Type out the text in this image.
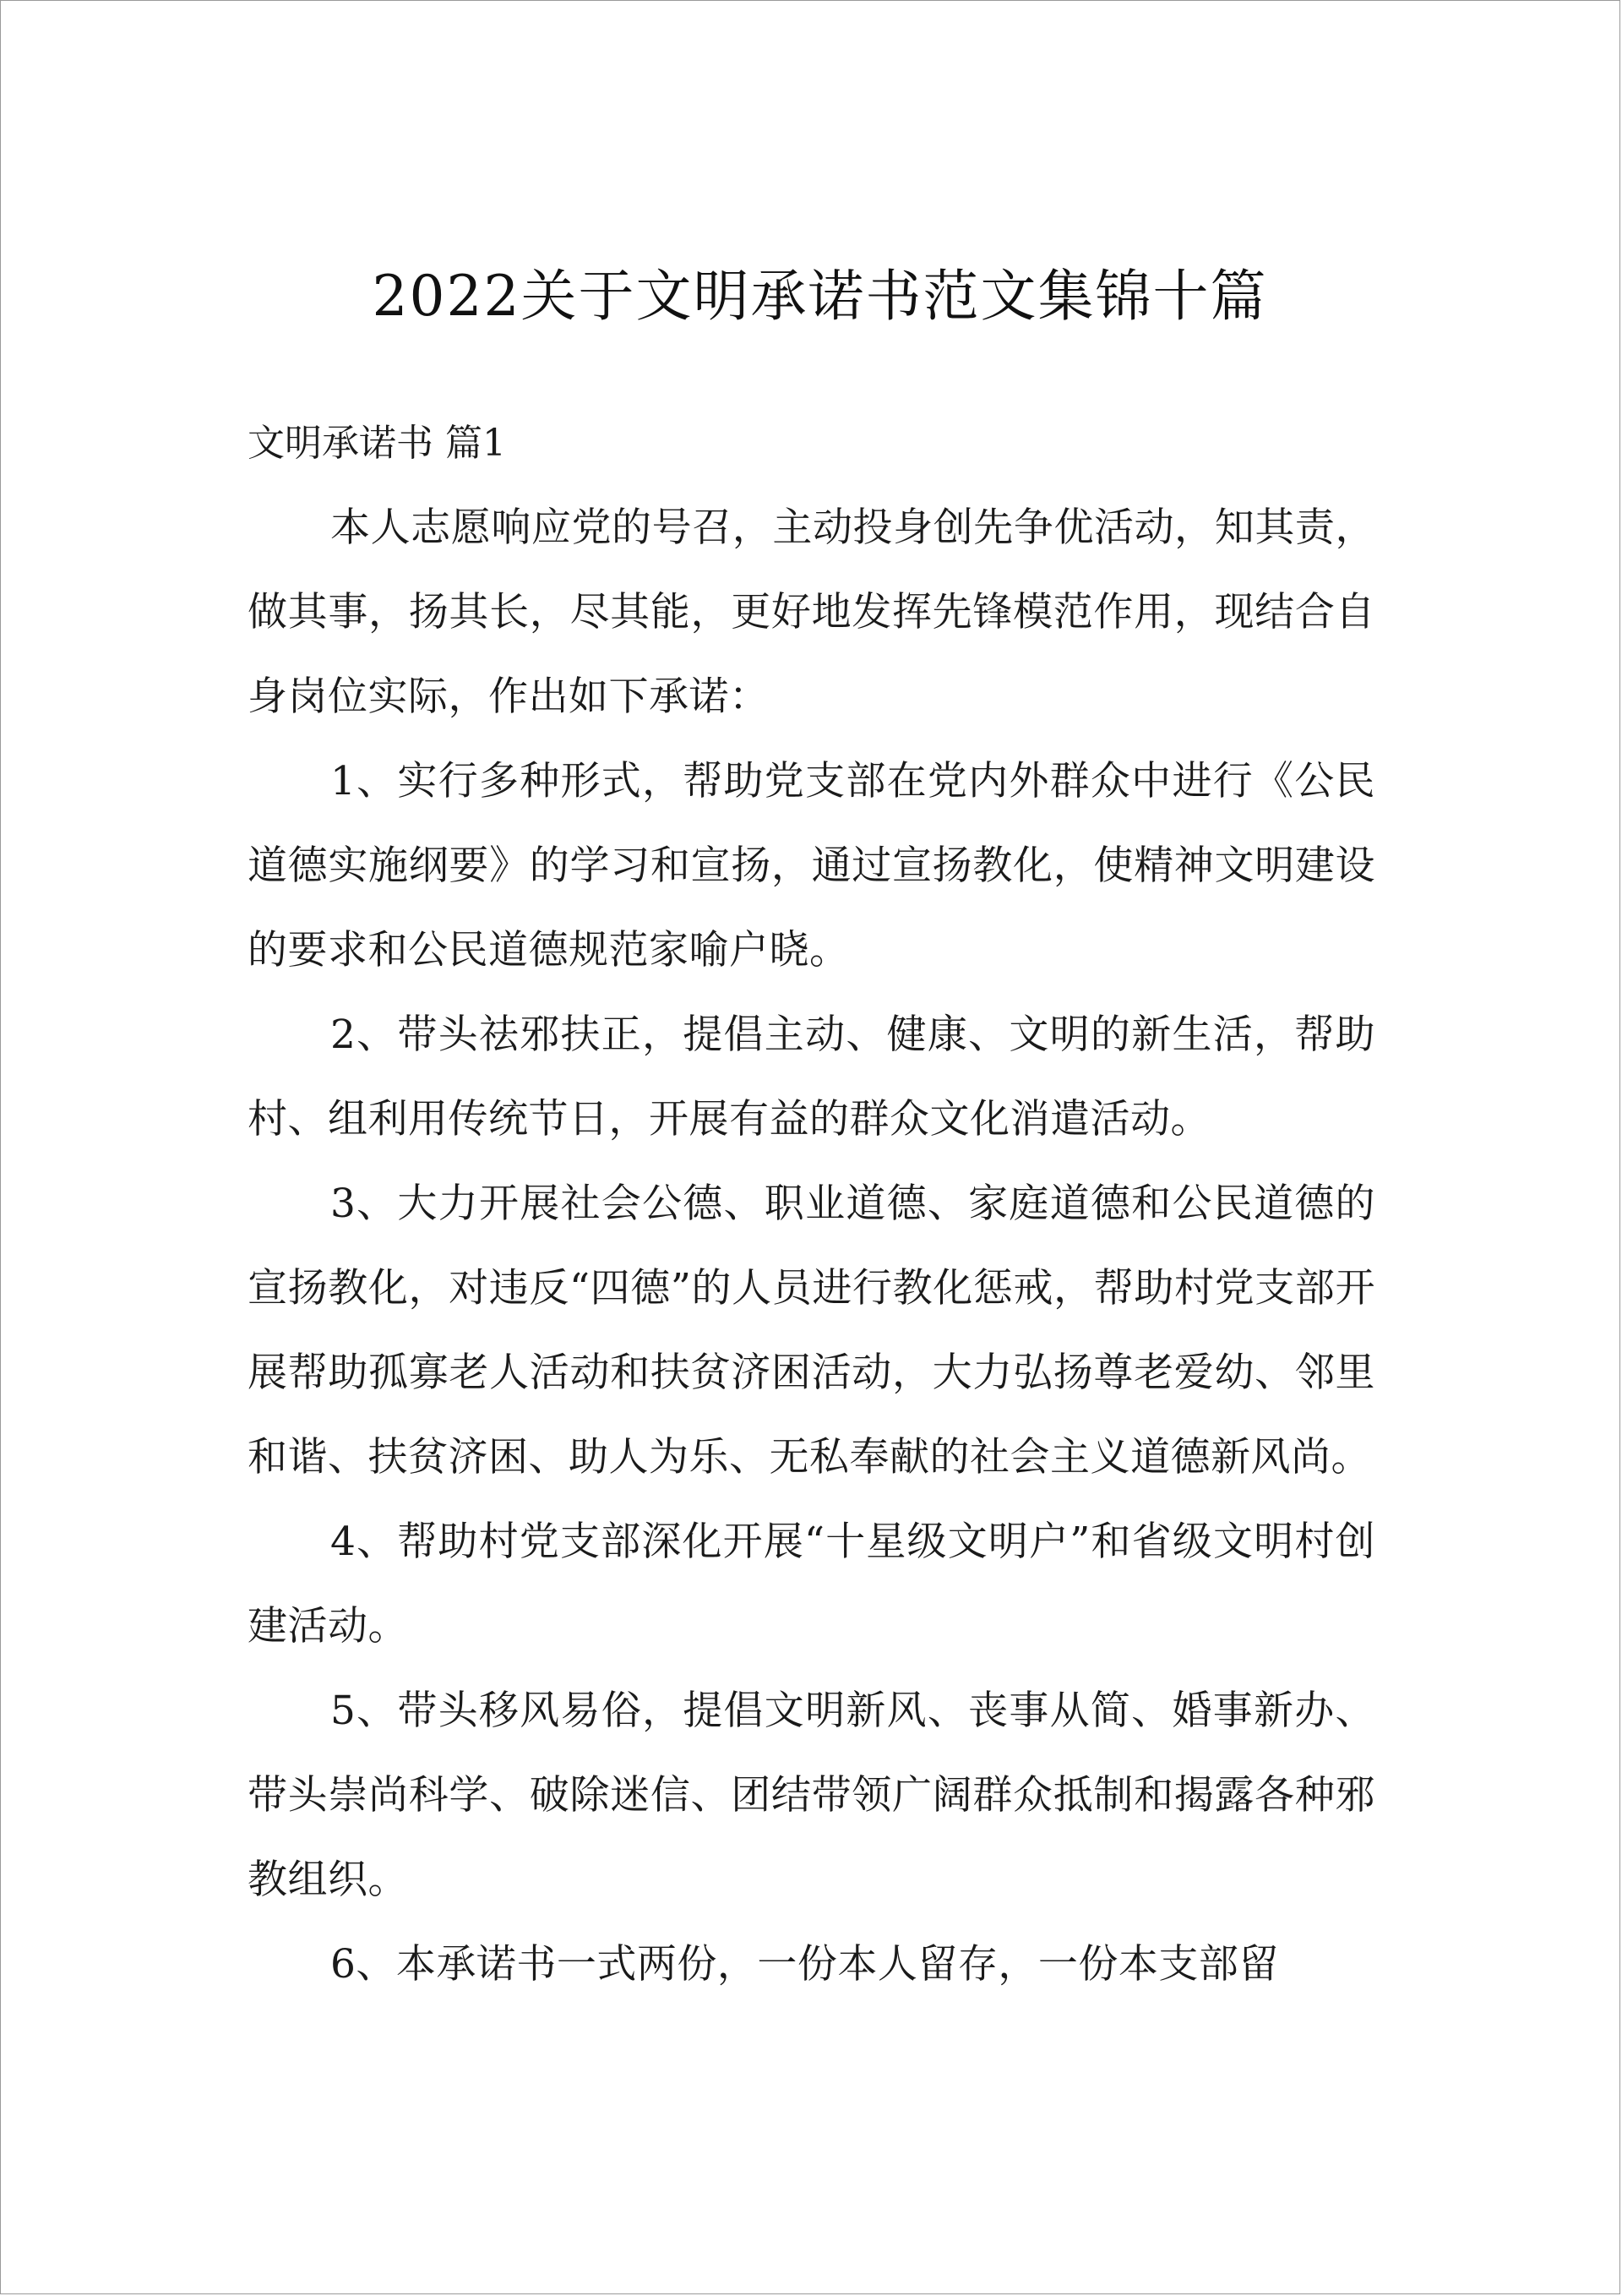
2022关于文明承诺书范文集锦十篇
文明承诺书 篇1

本人志愿响应党的号召，主动投身创先争优活动，知其责，做其事，扬其长，尽其能，更好地发挥先锋模范作用，现结合自身岗位实际，作出如下承诺：

1、实行多种形式，帮助党支部在党内外群众中进行《公民道德实施纲要》的学习和宣扬，通过宣扬教化，使精神文明建设的要求和公民道德规范家喻户晓。

2、带头祛邪扶正，提倡主动、健康、文明的新生活，帮助村、组利用传统节日，开展有益的群众文化消遣活动。

3、大力开展社会公德、职业道德、家庭道德和公民道德的宣扬教化，对违反“四德”的人员进行教化惩戒，帮助村党支部开展帮助孤寡老人活动和扶贫济困活动，大力弘扬尊老爱幼、邻里和谐、扶贫济困、助人为乐、无私奉献的社会主义道德新风尚。

4、帮助村党支部深化开展“十星级文明户”和省级文明村创建活动。

5、带头移风易俗，提倡文明新风、丧事从简、婚事新办、带头崇尚科学、破除迷信、团结带领广阔群众抵制和揭露各种邪教组织。

6、本承诺书一式两份，一份本人留存，一份本支部留
